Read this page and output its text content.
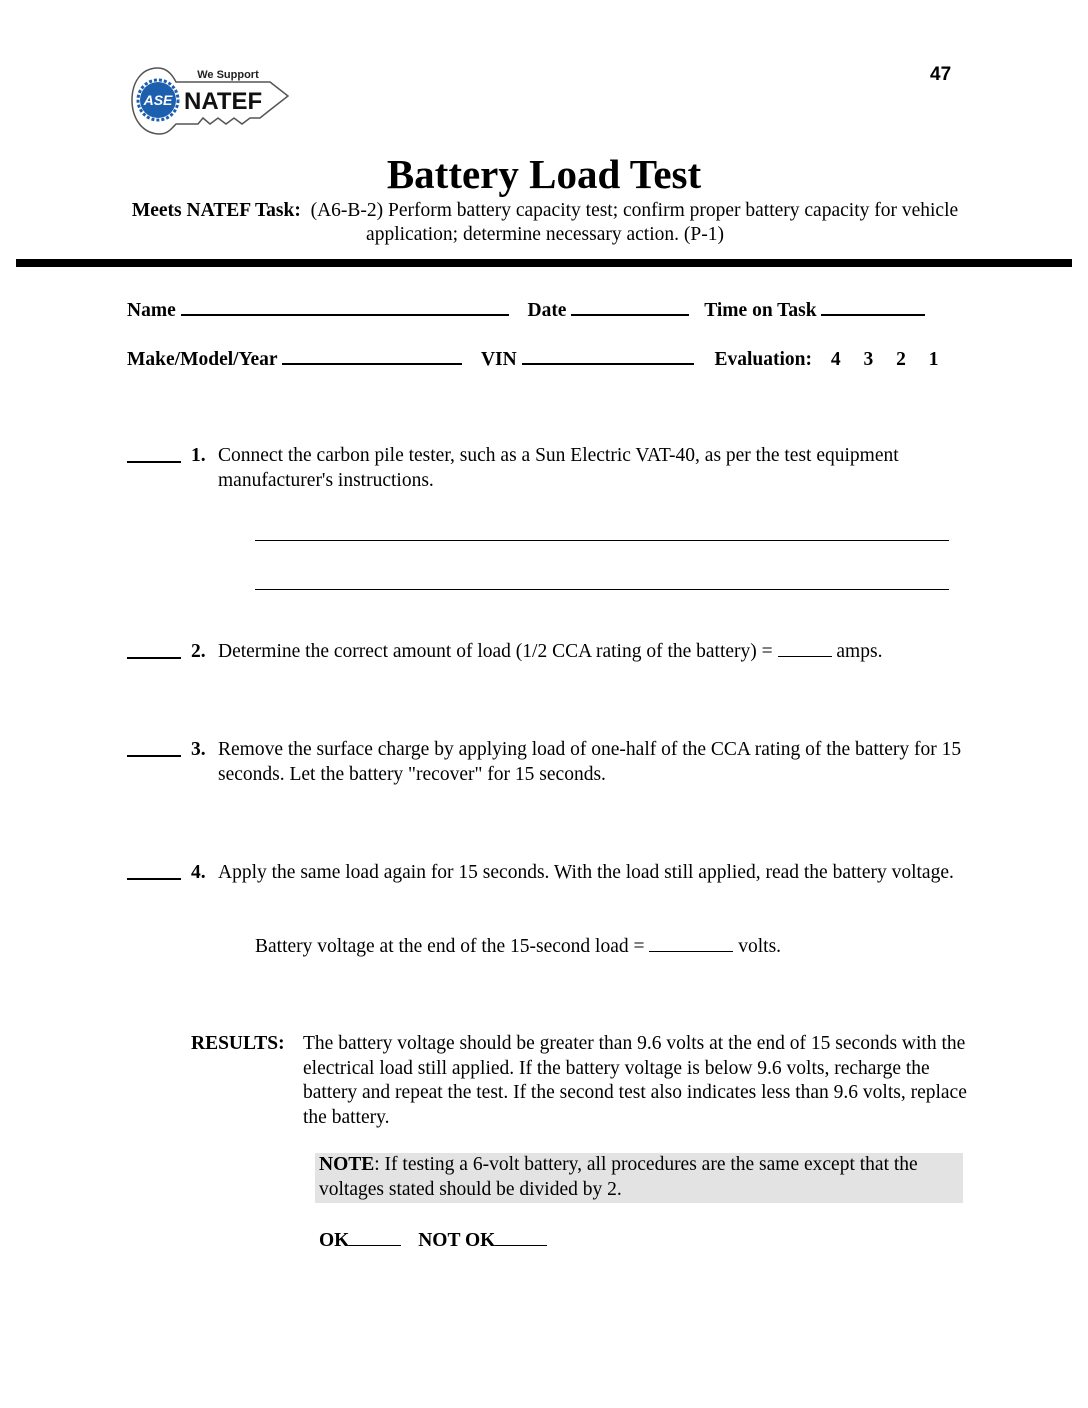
ASE
We Support
NATEF
47
Battery Load Test
Meets NATEF Task: (A6-B-2) Perform battery capacity test; confirm proper battery capacity for vehicle application; determine necessary action. (P-1)
Name	Date	Time on Task
Make/Model/Year	VIN	Evaluation: 4 3 2 1
1. Connect the carbon pile tester, such as a Sun Electric VAT-40, as per the test equipment manufacturer's instructions.
2. Determine the correct amount of load (1/2 CCA rating of the battery) =	amps.
3. Remove the surface charge by applying load of one-half of the CCA rating of the battery for 15 seconds. Let the battery "recover" for 15 seconds.
4. Apply the same load again for 15 seconds. With the load still applied, read the battery voltage.
Battery voltage at the end of the 15-second load =	volts.
RESULTS: The battery voltage should be greater than 9.6 volts at the end of 15 seconds with the electrical load still applied. If the battery voltage is below 9.6 volts, recharge the battery and repeat the test. If the second test also indicates less than 9.6 volts, replace the battery.
NOTE: If testing a 6-volt battery, all procedures are the same except that the voltages stated should be divided by 2.
OK	NOT OK
